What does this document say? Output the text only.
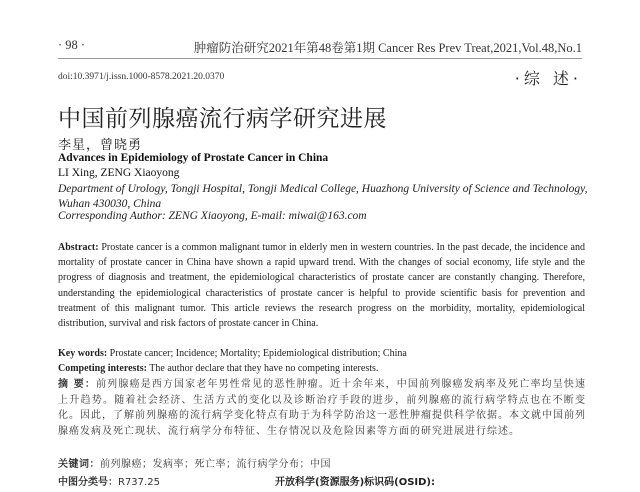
· 98 ·	肿瘤防治研究2021年第48卷第1期 Cancer Res Prev Treat,2021,Vol.48,No.1
doi:10.3971/j.issn.1000-8578.2021.20.0370	·综 述·
中国前列腺癌流行病学研究进展
李星，曾晓勇
Advances in Epidemiology of Prostate Cancer in China
LI Xing, ZENG Xiaoyong
Department of Urology, Tongji Hospital, Tongji Medical College, Huazhong University of Science and Technology, Wuhan 430030, China
Corresponding Author: ZENG Xiaoyong, E-mail: miwai@163.com
Abstract: Prostate cancer is a common malignant tumor in elderly men in western countries. In the past decade, the incidence and mortality of prostate cancer in China have shown a rapid upward trend. With the changes of social economy, life style and the progress of diagnosis and treatment, the epidemiological characteristics of prostate cancer are constantly changing. Therefore, understanding the epidemiological characteristics of prostate cancer is helpful to provide scientific basis for prevention and treatment of this malignant tumor. This article reviews the research progress on the morbidity, mortality, epidemiological distribution, survival and risk factors of prostate cancer in China.
Key words: Prostate cancer; Incidence; Mortality; Epidemiological distribution; China
Competing interests: The author declare that they have no competing interests.
摘 要：前列腺癌是西方国家老年男性常见的恶性肿瘤。近十余年来，中国前列腺癌发病率及死亡率均呈快速上升趋势。随着社会经济、生活方式的变化以及诊断治疗手段的进步，前列腺癌的流行病学特点也在不断变化。因此，了解前列腺癌的流行病学变化特点有助于为科学防治这一恶性肿瘤提供科学依据。本文就中国前列腺癌发病及死亡现状、流行病学分布特征、生存情况以及危险因素等方面的研究进展进行综述。
关键词：前列腺癌；发病率；死亡率；流行病学分布；中国
中图分类号：R737.25	开放科学(资源服务)标识码(OSID):
